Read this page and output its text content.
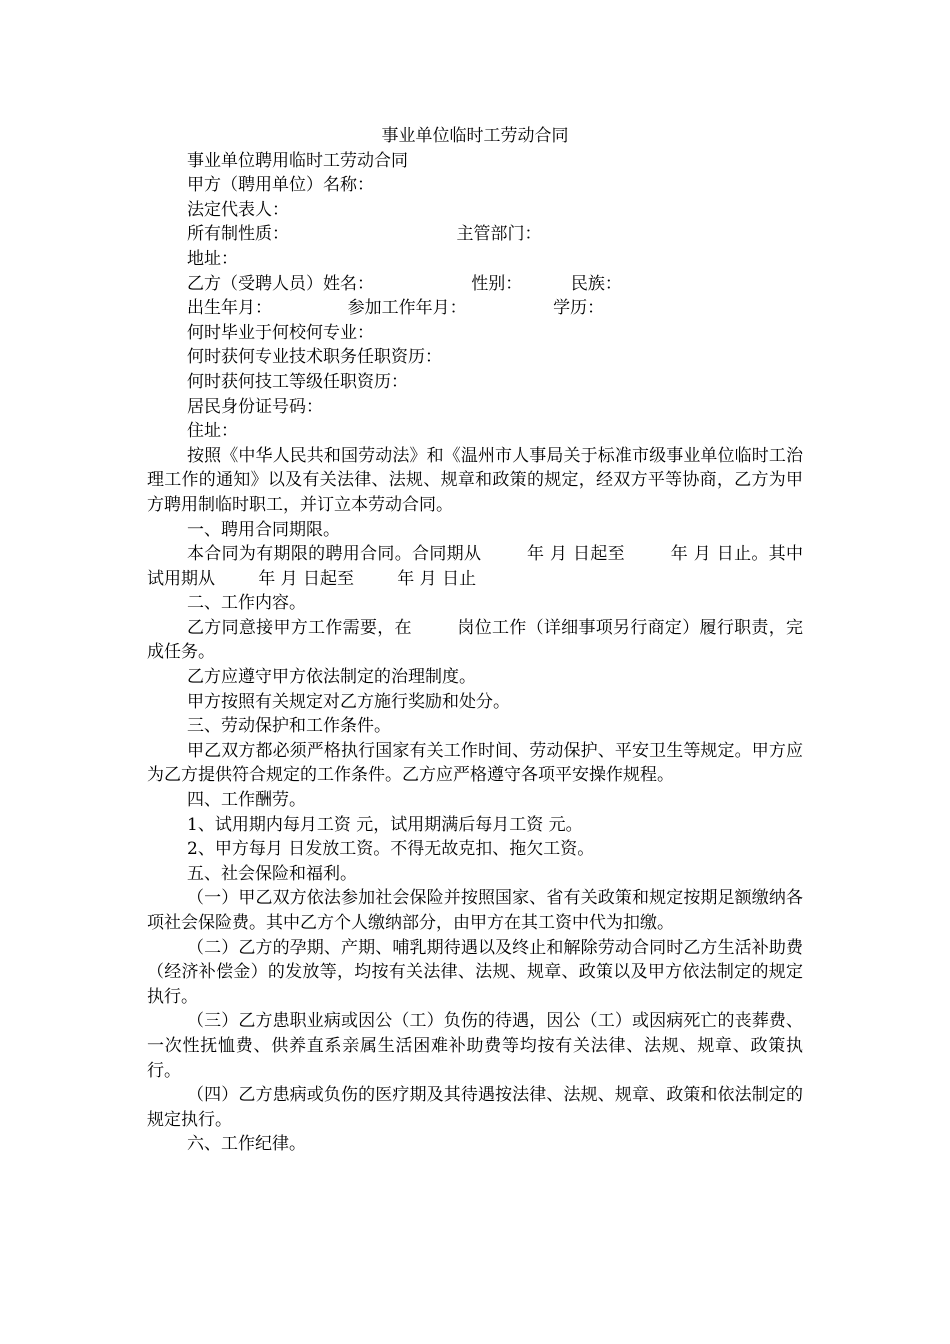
事业单位临时工劳动合同

事业单位聘用临时工劳动合同

甲方（聘用单位）名称：

法定代表人：

所有制性质：                               主管部门：

地址：

乙方（受聘人员）姓名：                  性别：         民族：

出生年月：              参加工作年月：                学历：

何时毕业于何校何专业：

何时获何专业技术职务任职资历：

何时获何技工等级任职资历：

居民身份证号码：

住址：

按照《中华人民共和国劳动法》和《温州市人事局关于标准市级事业单位临时工治理工作的通知》以及有关法律、法规、规章和政策的规定，经双方平等协商，乙方为甲方聘用制临时职工，并订立本劳动合同。

一、聘用合同期限。

本合同为有期限的聘用合同。合同期从        年 月 日起至        年 月 日止。其中试用期从        年 月 日起至        年 月 日止

二、工作内容。

乙方同意接甲方工作需要，在        岗位工作（详细事项另行商定）履行职责，完成任务。

乙方应遵守甲方依法制定的治理制度。

甲方按照有关规定对乙方施行奖励和处分。

三、劳动保护和工作条件。

甲乙双方都必须严格执行国家有关工作时间、劳动保护、平安卫生等规定。甲方应为乙方提供符合规定的工作条件。乙方应严格遵守各项平安操作规程。

四、工作酬劳。

1、试用期内每月工资 元，试用期满后每月工资 元。

2、甲方每月 日发放工资。不得无故克扣、拖欠工资。

五、社会保险和福利。

（一）甲乙双方依法参加社会保险并按照国家、省有关政策和规定按期足额缴纳各项社会保险费。其中乙方个人缴纳部分，由甲方在其工资中代为扣缴。

（二）乙方的孕期、产期、哺乳期待遇以及终止和解除劳动合同时乙方生活补助费（经济补偿金）的发放等，均按有关法律、法规、规章、政策以及甲方依法制定的规定执行。

（三）乙方患职业病或因公（工）负伤的待遇，因公（工）或因病死亡的丧葬费、一次性抚恤费、供养直系亲属生活困难补助费等均按有关法律、法规、规章、政策执行。

（四）乙方患病或负伤的医疗期及其待遇按法律、法规、规章、政策和依法制定的规定执行。

六、工作纪律。
